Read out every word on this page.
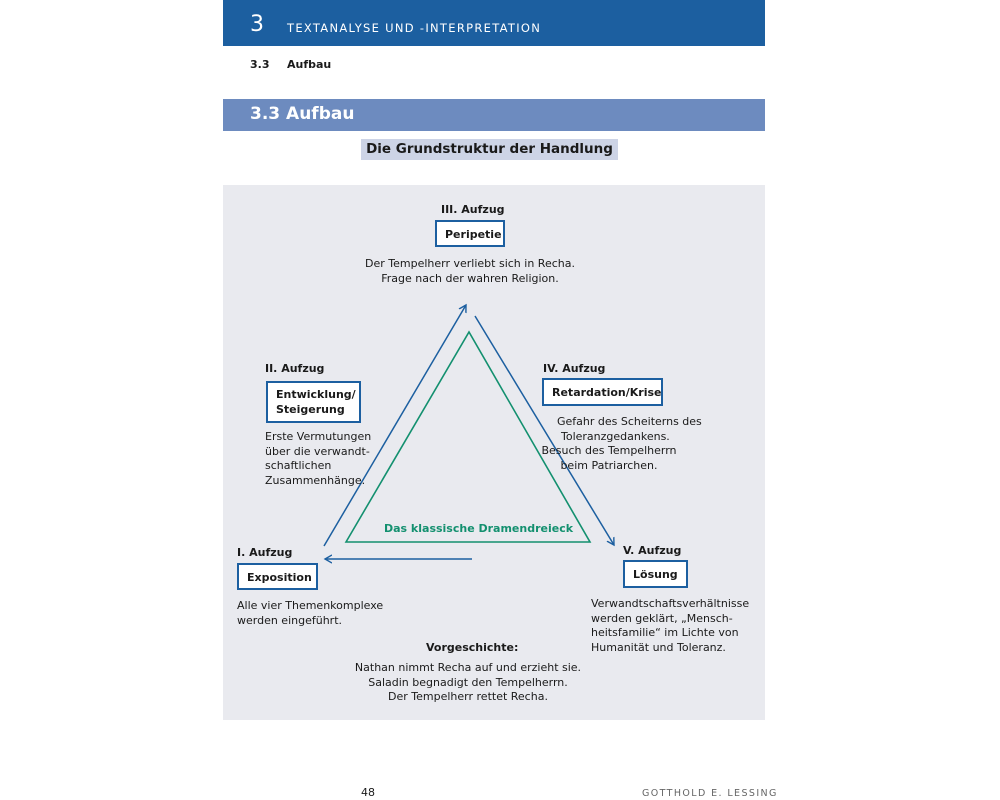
3 TEXTANALYSE UND -INTERPRETATION
3.3 Aufbau
3.3 Aufbau
Die Grundstruktur der Handlung
III. Aufzug
Peripetie
Der Tempelherr verliebt sich in Recha.
Frage nach der wahren Religion.
II. Aufzug
Entwicklung/
Steigerung
Erste Vermutungen
über die verwandt-
schaftlichen
Zusammenhänge.
IV. Aufzug
Retardation/Krise
Gefahr des Scheiterns des
Toleranzgedankens.
Besuch des Tempelherrn
beim Patriarchen.
Das klassische Dramendreieck
I. Aufzug
Exposition
Alle vier Themenkomplexe
werden eingeführt.
V. Aufzug
Lösung
Verwandtschaftsverhältnisse
werden geklärt, „Mensch-
heitsfamilie“ im Lichte von
Humanität und Toleranz.
Vorgeschichte:
Nathan nimmt Recha auf und erzieht sie.
Saladin begnadigt den Tempelherrn.
Der Tempelherr rettet Recha.
48	GOTTHOLD E. LESSING
